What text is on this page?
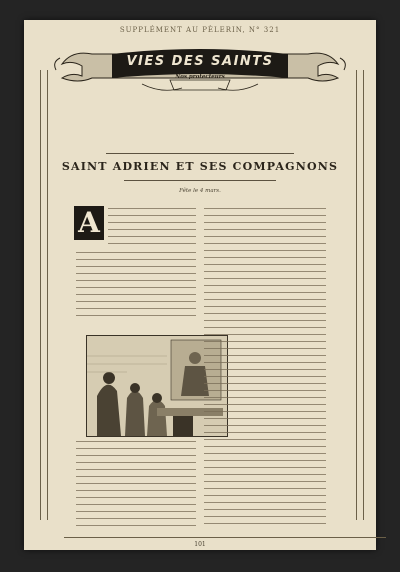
SUPPLÉMENT AU PÈLERIN, N° 321
VIES DES SAINTS
Nos protecteurs
SAINT ADRIEN ET SES COMPAGNONS
Fête le 4 mars.
A
101
